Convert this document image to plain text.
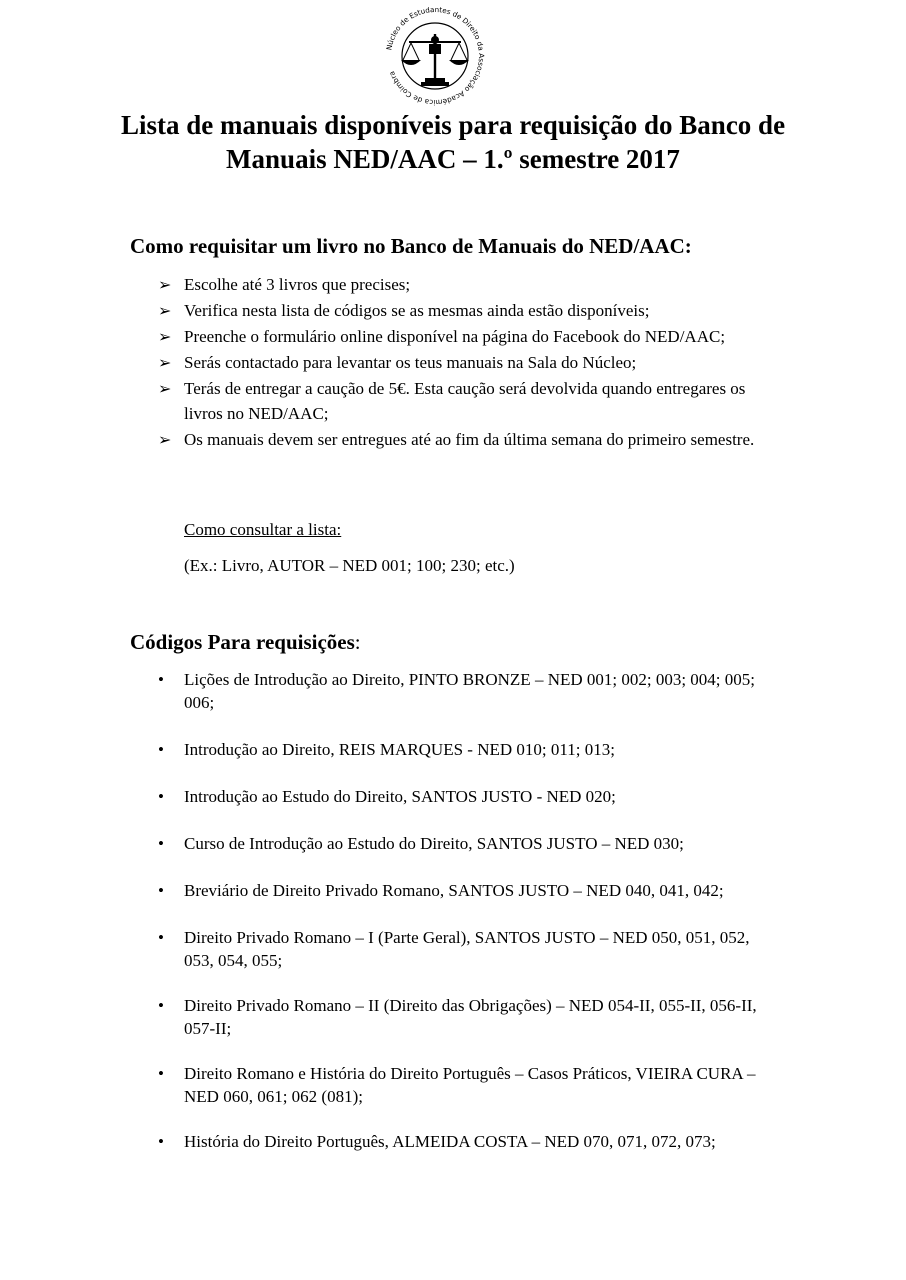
Núcleo de Estudantes de Direito da Associação Académica de Coimbra
Lista de manuais disponíveis para requisição do Banco de Manuais NED/AAC – 1.º semestre 2017
Como requisitar um livro no Banco de Manuais do NED/AAC:
➢ Escolhe até 3 livros que precises;
➢ Verifica nesta lista de códigos se as mesmas ainda estão disponíveis;
➢ Preenche o formulário online disponível na página do Facebook do NED/AAC;
➢ Serás contactado para levantar os teus manuais na Sala do Núcleo;
➢ Terás de entregar a caução de 5€. Esta caução será devolvida quando entregares os livros no NED/AAC;
➢ Os manuais devem ser entregues até ao fim da última semana do primeiro semestre.
Como consultar a lista:
(Ex.: Livro, AUTOR – NED 001; 100; 230; etc.)
Códigos Para requisições:
• Lições de Introdução ao Direito, PINTO BRONZE – NED 001; 002; 003; 004; 005; 006;
• Introdução ao Direito, REIS MARQUES - NED 010; 011; 013;
• Introdução ao Estudo do Direito, SANTOS JUSTO - NED 020;
• Curso de Introdução ao Estudo do Direito, SANTOS JUSTO – NED 030;
• Breviário de Direito Privado Romano, SANTOS JUSTO – NED 040, 041, 042;
• Direito Privado Romano – I (Parte Geral), SANTOS JUSTO – NED 050, 051, 052, 053, 054, 055;
• Direito Privado Romano – II (Direito das Obrigações) – NED 054-II, 055-II, 056-II, 057-II;
• Direito Romano e História do Direito Português – Casos Práticos, VIEIRA CURA – NED 060, 061; 062 (081);
• História do Direito Português, ALMEIDA COSTA – NED 070, 071, 072, 073;
